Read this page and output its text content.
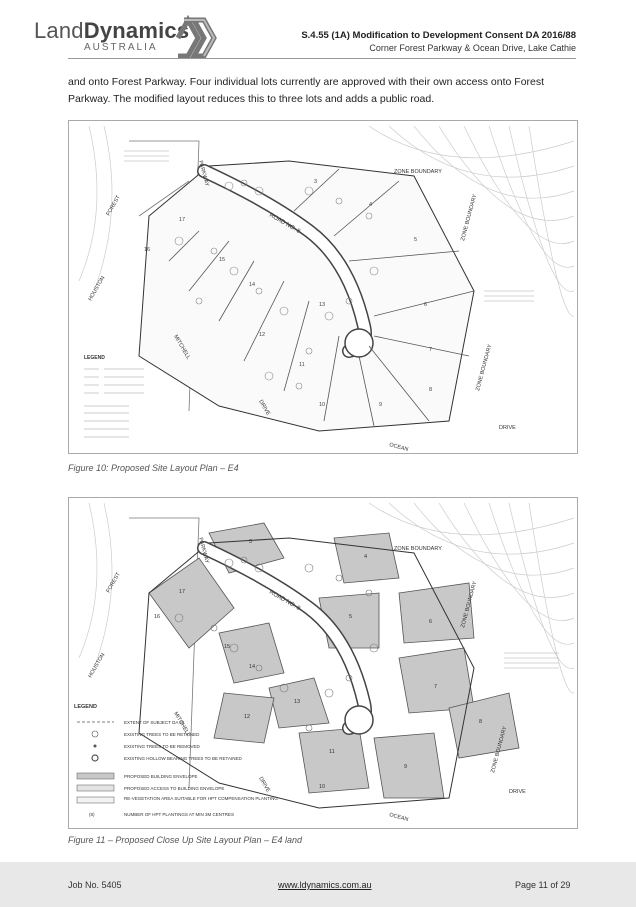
LandDynamics
AUSTRALIA
S.4.55 (1A) Modification to Development Consent DA 2016/88
Corner Forest Parkway & Ocean Drive, Lake Cathie
and onto Forest Parkway. Four individual lots currently are approved with their own access onto Forest Parkway. The modified layout reduces this to three lots and adds a public road.
FOREST
PARKWAY
ROAD NO. 8
HOUSTON
MITCHELL
DRIVE
OCEAN
DRIVE
ZONE BOUNDARY
ZONE BOUNDARY
ZONE BOUNDARY
16
17
15
14
13
12
11
10	9
8
7
6
5
4
3
LEGEND
Figure 10: Proposed Site Layout Plan – E4
FOREST
PARKWAY
ROAD NO. 8
HOUSTON
MITCHELL
DRIVE
OCEAN
DRIVE
ZONE BOUNDARY
ZONE BOUNDARY
ZONE BOUNDARY
16
17
15
14
13
12
11
10
9
8
7
6
5
4
3
LEGEND
EXTENT OF SUBJECT DA 55
EXISTING TREES TO BE RETAINED
EXISTING TREES TO BE REMOVED
EXISTING HOLLOW BEARING TREES TO BE RETAINED
PROPOSED BUILDING ENVELOPE
PROPOSED ACCESS TO BUILDING ENVELOPE
RE-VEGETATION AREA SUITABLE FOR HPT COMPENSATION PLANTING
(8)	NUMBER OF HPT PLANTINGS AT MIN 3M CENTRES
Figure 11 – Proposed Close Up Site Layout Plan – E4 land
Job No. 5405	www.ldynamics.com.au	Page 11 of 29
